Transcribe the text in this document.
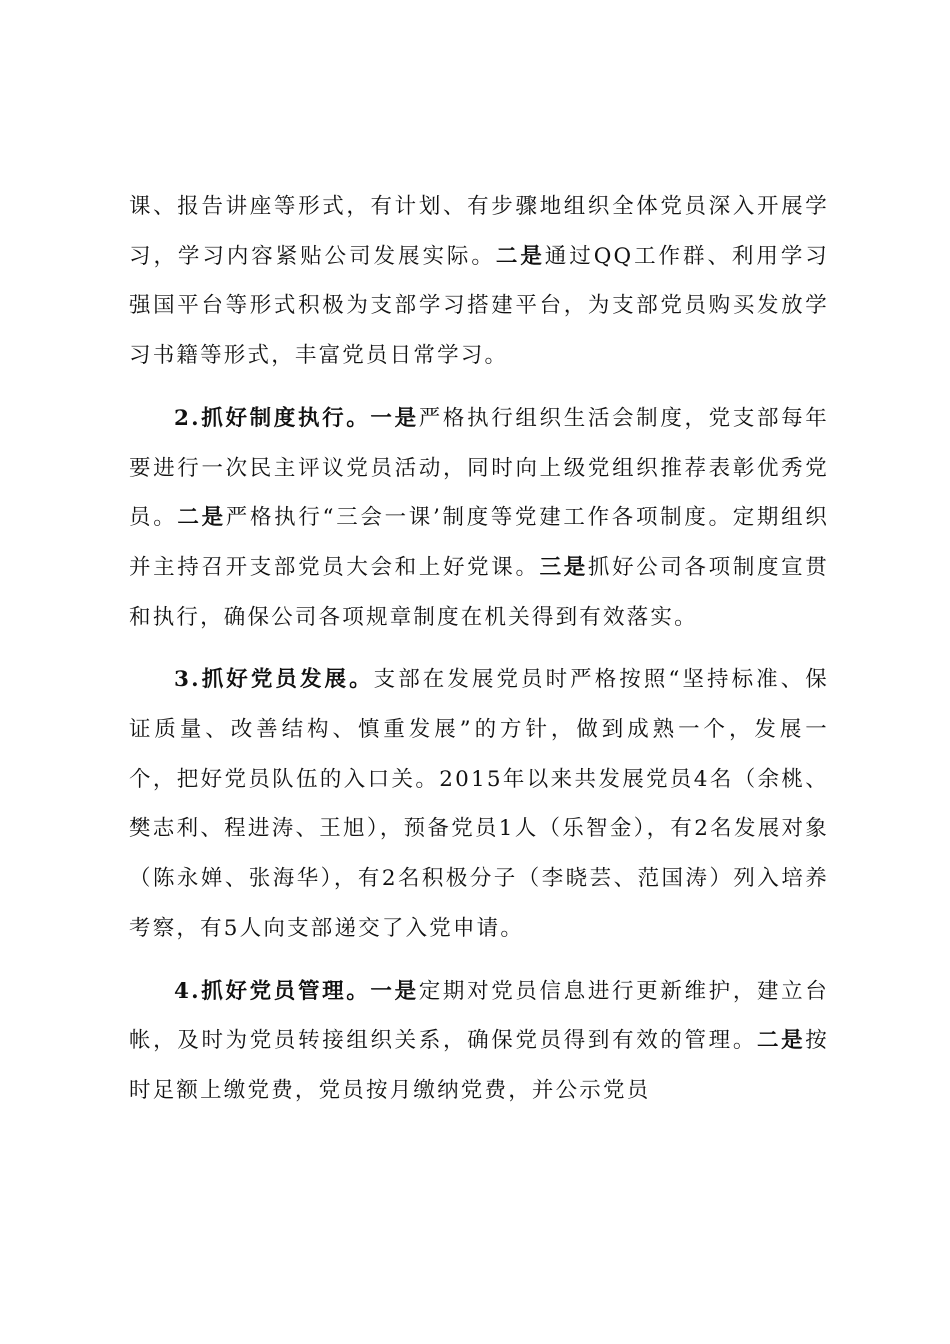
课、报告讲座等形式，有计划、有步骤地组织全体党员深入开展学习，学习内容紧贴公司发展实际。二是通过QQ工作群、利用学习强国平台等形式积极为支部学习搭建平台，为支部党员购买发放学习书籍等形式，丰富党员日常学习。

2.抓好制度执行。一是严格执行组织生活会制度，党支部每年要进行一次民主评议党员活动，同时向上级党组织推荐表彰优秀党员。二是严格执行“三会一课’制度等党建工作各项制度。定期组织并主持召开支部党员大会和上好党课。三是抓好公司各项制度宣贯和执行，确保公司各项规章制度在机关得到有效落实。

3.抓好党员发展。支部在发展党员时严格按照“坚持标准、保证质量、改善结构、慎重发展”的方针，做到成熟一个，发展一个，把好党员队伍的入口关。2015年以来共发展党员4名（余桃、樊志利、程进涛、王旭），预备党员1人（乐智金），有2名发展对象（陈永婵、张海华），有2名积极分子（李晓芸、范国涛）列入培养考察，有5人向支部递交了入党申请。

4.抓好党员管理。一是定期对党员信息进行更新维护，建立台帐，及时为党员转接组织关系，确保党员得到有效的管理。二是按时足额上缴党费，党员按月缴纳党费，并公示党员
